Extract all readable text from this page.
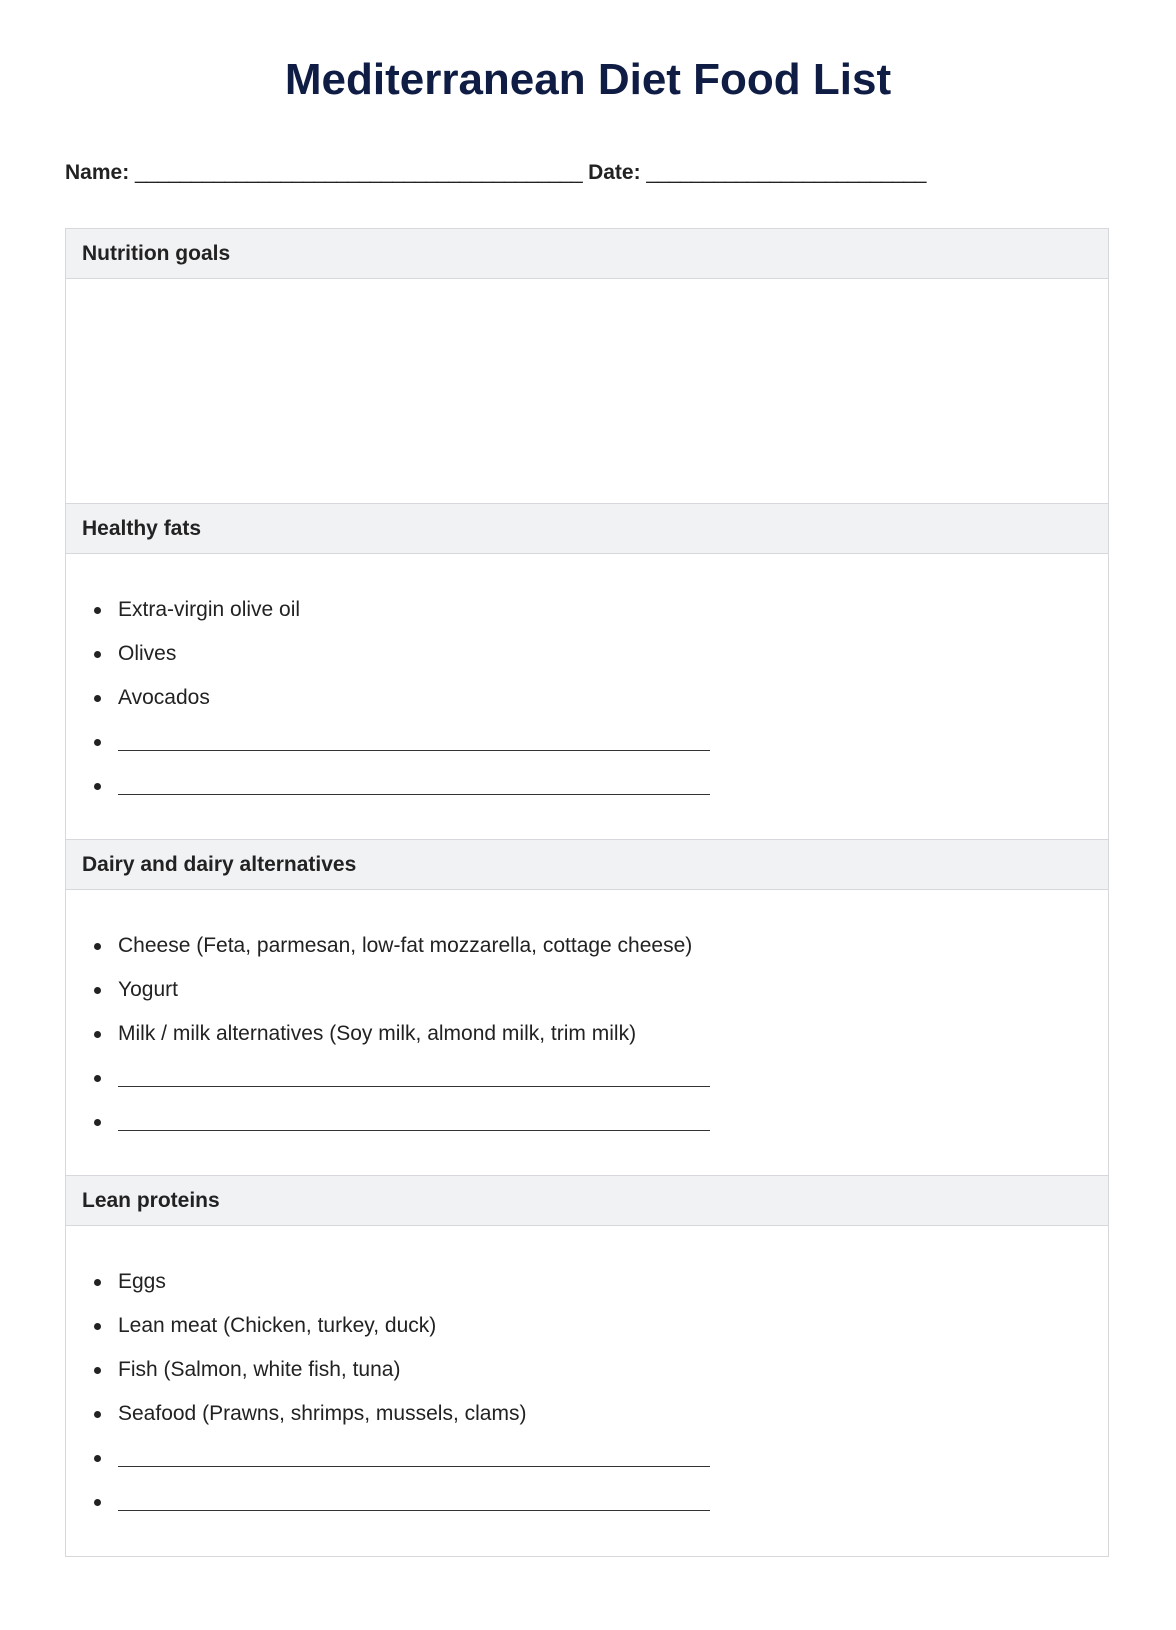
Mediterranean Diet Food List
Name: ________________________________________ Date: _________________________
Nutrition goals
Healthy fats
Extra-virgin olive oil
Olives
Avocados
Dairy and dairy alternatives
Cheese (Feta, parmesan, low-fat mozzarella, cottage cheese)
Yogurt
Milk / milk alternatives (Soy milk, almond milk, trim milk)
Lean proteins
Eggs
Lean meat (Chicken, turkey, duck)
Fish (Salmon, white fish, tuna)
Seafood (Prawns, shrimps, mussels, clams)
